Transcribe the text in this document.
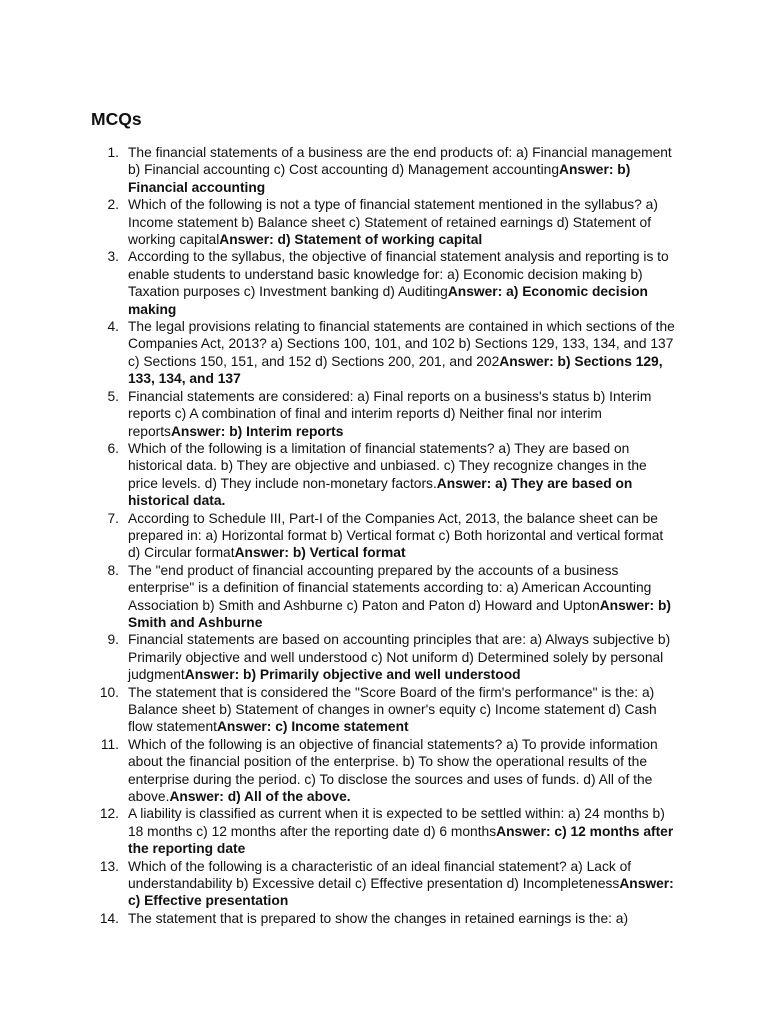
MCQs
1. The financial statements of a business are the end products of: a) Financial management b) Financial accounting c) Cost accounting d) Management accountingAnswer: b) Financial accounting
2. Which of the following is not a type of financial statement mentioned in the syllabus? a) Income statement b) Balance sheet c) Statement of retained earnings d) Statement of working capitalAnswer: d) Statement of working capital
3. According to the syllabus, the objective of financial statement analysis and reporting is to enable students to understand basic knowledge for: a) Economic decision making b) Taxation purposes c) Investment banking d) AuditingAnswer: a) Economic decision making
4. The legal provisions relating to financial statements are contained in which sections of the Companies Act, 2013? a) Sections 100, 101, and 102 b) Sections 129, 133, 134, and 137 c) Sections 150, 151, and 152 d) Sections 200, 201, and 202Answer: b) Sections 129, 133, 134, and 137
5. Financial statements are considered: a) Final reports on a business's status b) Interim reports c) A combination of final and interim reports d) Neither final nor interim reportsAnswer: b) Interim reports
6. Which of the following is a limitation of financial statements? a) They are based on historical data. b) They are objective and unbiased. c) They recognize changes in the price levels. d) They include non-monetary factors.Answer: a) They are based on historical data.
7. According to Schedule III, Part-I of the Companies Act, 2013, the balance sheet can be prepared in: a) Horizontal format b) Vertical format c) Both horizontal and vertical format d) Circular formatAnswer: b) Vertical format
8. The "end product of financial accounting prepared by the accounts of a business enterprise" is a definition of financial statements according to: a) American Accounting Association b) Smith and Ashburne c) Paton and Paton d) Howard and UptonAnswer: b) Smith and Ashburne
9. Financial statements are based on accounting principles that are: a) Always subjective b) Primarily objective and well understood c) Not uniform d) Determined solely by personal judgmentAnswer: b) Primarily objective and well understood
10. The statement that is considered the "Score Board of the firm's performance" is the: a) Balance sheet b) Statement of changes in owner's equity c) Income statement d) Cash flow statementAnswer: c) Income statement
11. Which of the following is an objective of financial statements? a) To provide information about the financial position of the enterprise. b) To show the operational results of the enterprise during the period. c) To disclose the sources and uses of funds. d) All of the above.Answer: d) All of the above.
12. A liability is classified as current when it is expected to be settled within: a) 24 months b) 18 months c) 12 months after the reporting date d) 6 monthsAnswer: c) 12 months after the reporting date
13. Which of the following is a characteristic of an ideal financial statement? a) Lack of understandability b) Excessive detail c) Effective presentation d) IncompletenessAnswer: c) Effective presentation
14. The statement that is prepared to show the changes in retained earnings is the: a)
